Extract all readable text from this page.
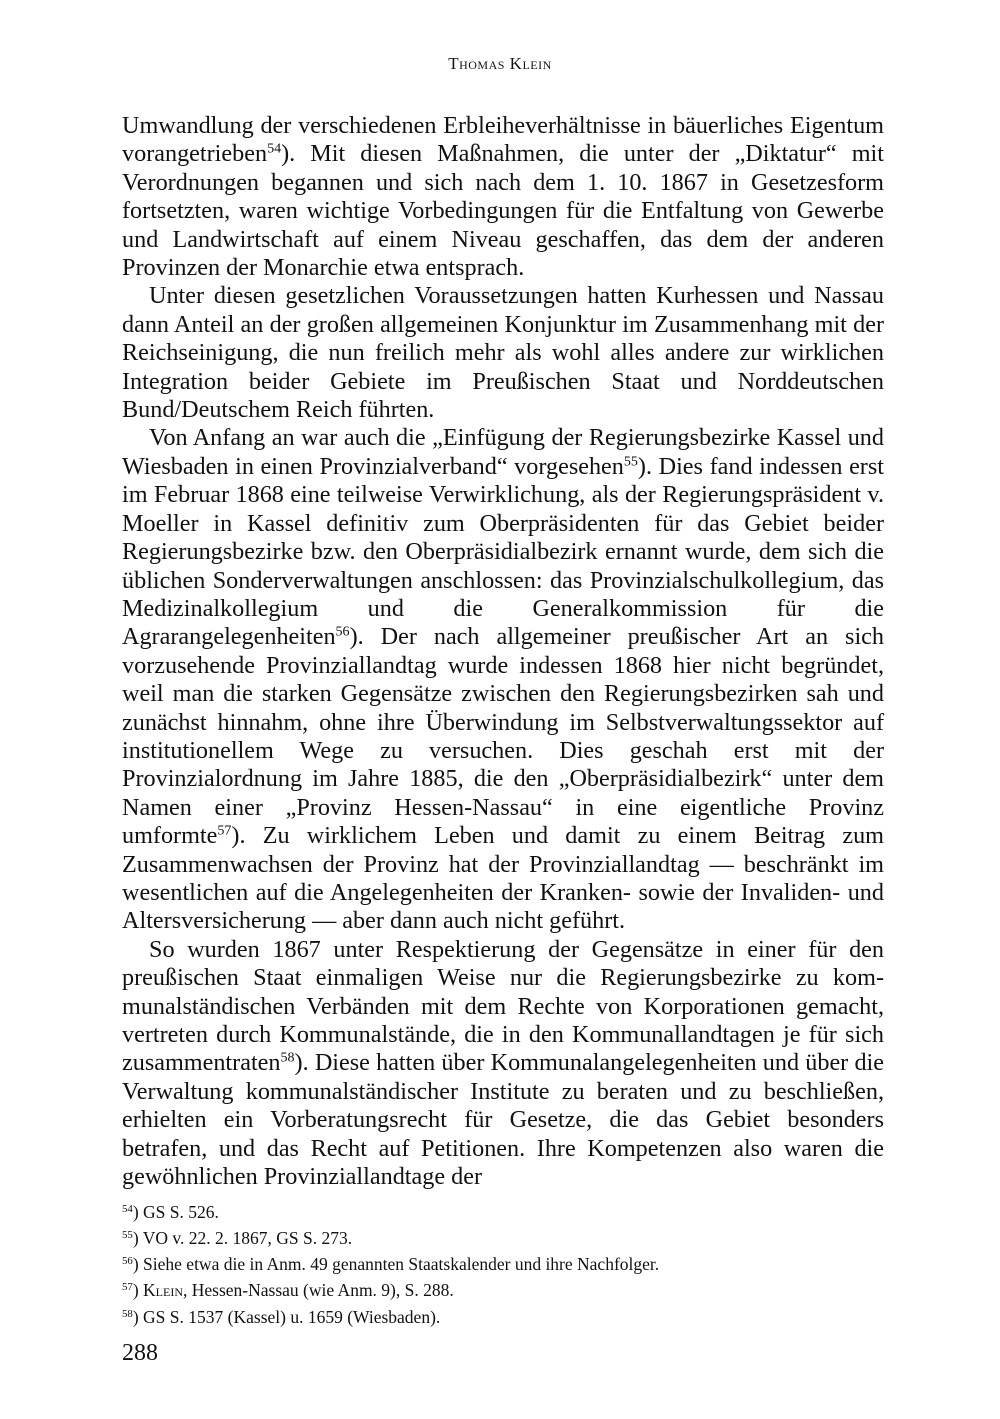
Thomas Klein

Umwandlung der verschiedenen Erbleiheverhältnisse in bäuerliches Eigentum vorangetrieben$^{54}$). Mit diesen Maßnahmen, die unter der „Diktatur“ mit Verordnungen begannen und sich nach dem 1. 10. 1867 in Gesetzesform fortsetzten, waren wichtige Vorbedingungen für die Entfaltung von Gewerbe und Landwirtschaft auf einem Niveau geschaffen, das dem der anderen Provinzen der Monarchie etwa entsprach.

Unter diesen gesetzlichen Voraussetzungen hatten Kurhessen und Nassau dann Anteil an der großen allgemeinen Konjunktur im Zusammenhang mit der Reichseinigung, die nun freilich mehr als wohl alles andere zur wirklichen Integration beider Gebiete im Preußischen Staat und Norddeutschen Bund/Deutschem Reich führten.

Von Anfang an war auch die „Einfügung der Regierungsbezirke Kassel und Wiesbaden in einen Provinzialverband“ vorgesehen$^{55}$). Dies fand indessen erst im Februar 1868 eine teilweise Verwirklichung, als der Regierungspräsident v. Moeller in Kassel definitiv zum Oberpräsidenten für das Gebiet beider Regierungsbezirke bzw. den Oberpräsidialbezirk ernannt wurde, dem sich die üblichen Sonderverwaltungen anschlossen: das Provinzialschulkollegium, das Medizinalkollegium und die Generalkommission für die Agrarangelegenheiten$^{56}$). Der nach allgemeiner preußischer Art an sich vorzusehende Provinziallandtag wurde indessen 1868 hier nicht begründet, weil man die starken Gegensätze zwischen den Regierungsbezirken sah und zunächst hinnahm, ohne ihre Überwindung im Selbstverwaltungssektor auf institutionellem Wege zu versuchen. Dies geschah erst mit der Provinzialordnung im Jahre 1885, die den „Oberpräsidialbezirk“ unter dem Namen einer „Provinz Hessen-Nassau“ in eine eigentliche Provinz umformte$^{57}$). Zu wirklichem Leben und damit zu einem Beitrag zum Zusammenwachsen der Provinz hat der Provinziallandtag — beschränkt im wesentlichen auf die Angelegenheiten der Kranken- sowie der Invaliden- und Altersversicherung — aber dann auch nicht geführt.

So wurden 1867 unter Respektierung der Gegensätze in einer für den preußischen Staat einmaligen Weise nur die Regierungsbezirke zu kommunalständischen Verbänden mit dem Rechte von Korporationen gemacht, vertreten durch Kommunalstände, die in den Kommunallandtagen je für sich zusammentraten$^{58}$). Diese hatten über Kommunalangelegenheiten und über die Verwaltung kommunalständischer Institute zu beraten und zu beschließen, erhielten ein Vorberatungsrecht für Gesetze, die das Gebiet besonders betrafen, und das Recht auf Petitionen. Ihre Kompetenzen also waren die gewöhnlichen Provinziallandtage der

$^{54}$) GS S. 526.
$^{55}$) VO v. 22. 2. 1867, GS S. 273.
$^{56}$) Siehe etwa die in Anm. 49 genannten Staatskalender und ihre Nachfolger.
$^{57}$) Klein, Hessen-Nassau (wie Anm. 9), S. 288.
$^{58}$) GS S. 1537 (Kassel) u. 1659 (Wiesbaden).
288
